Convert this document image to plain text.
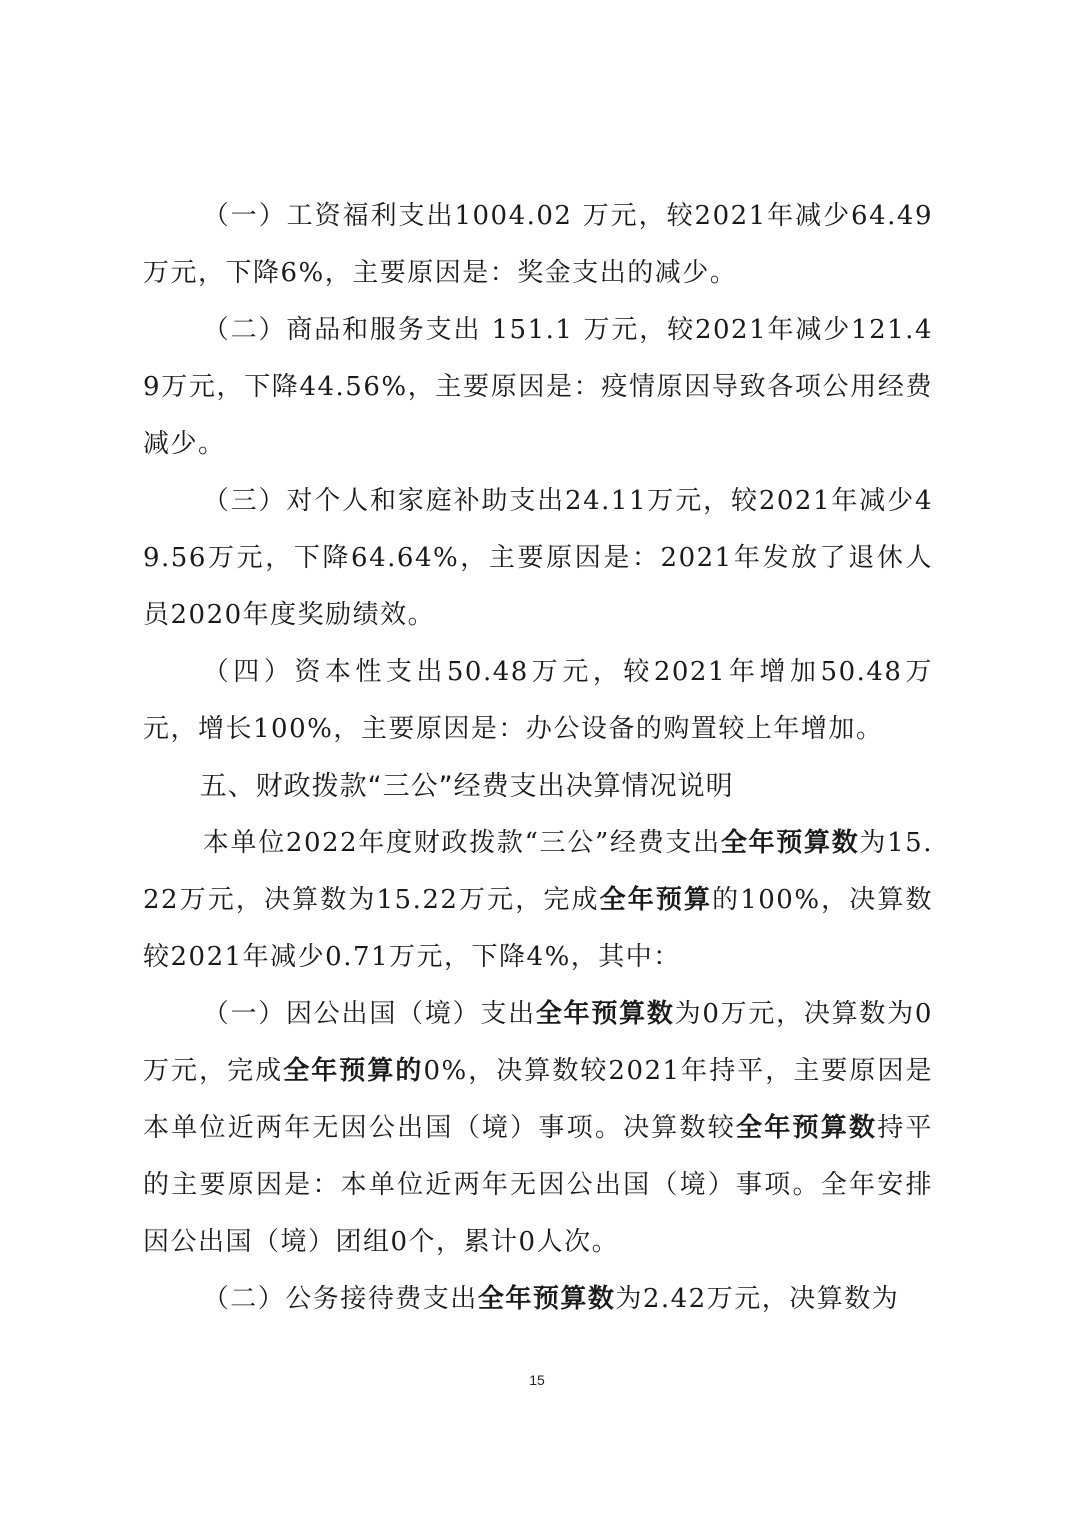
（一）工资福利支出1004.02 万元，较2021年减少64.49万元，下降6%，主要原因是：奖金支出的减少。

（二）商品和服务支出 151.1 万元，较2021年减少121.49万元，下降44.56%，主要原因是：疫情原因导致各项公用经费减少。

（三）对个人和家庭补助支出24.11万元，较2021年减少49.56万元，下降64.64%，主要原因是：2021年发放了退休人员2020年度奖励绩效。

（四）资本性支出50.48万元，较2021年增加50.48万元，增长100%，主要原因是：办公设备的购置较上年增加。

五、财政拨款“三公”经费支出决算情况说明

本单位2022年度财政拨款“三公”经费支出全年预算数为15.22万元，决算数为15.22万元，完成全年预算的100%，决算数较2021年减少0.71万元，下降4%，其中：

（一）因公出国（境）支出全年预算数为0万元，决算数为0万元，完成全年预算的0%，决算数较2021年持平，主要原因是本单位近两年无因公出国（境）事项。决算数较全年预算数持平的主要原因是：本单位近两年无因公出国（境）事项。全年安排因公出国（境）团组0个，累计0人次。

（二）公务接待费支出全年预算数为2.42万元，决算数为

15
